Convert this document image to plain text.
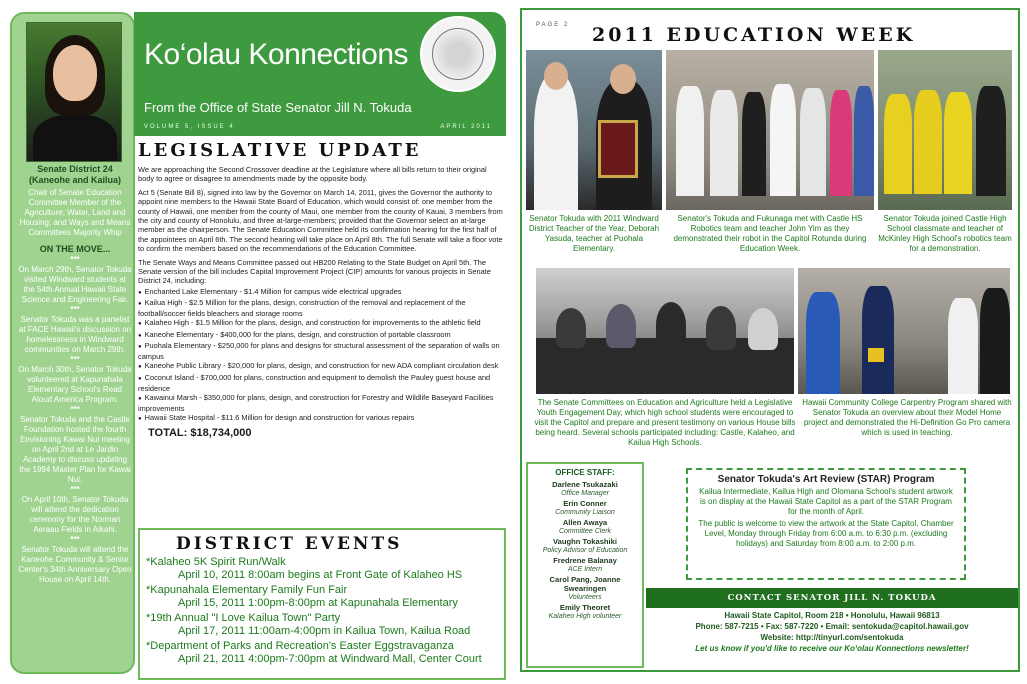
Senate District 24 (Kaneohe and Kailua)
Chair of Senate Education Committee Member of the Agriculture; Water, Land and Housing; and Ways and Means Committees Majority Whip
ON THE MOVE...
***
On March 29th, Senator Tokuda visited Windward students at the 54th Annual Hawaii State Science and Engineering Fair.
***
Senator Tokuda was a panelist at FACE Hawaii's discussion on homelessness in Windward communities on March 29th.
***
On March 30th, Senator Tokuda volunteered at Kapunahala Elementary School's Read Aloud America Program.
***
Senator Tokuda and the Castle Foundation hosted the fourth Envisioning Kawai Nui meeting on April 2nd at Le Jardin Academy to discuss updating the 1994 Master Plan for Kawai Nui.
***
On April 10th, Senator Tokuda will attend the dedication ceremony for the Norman Aeraau Fields in Aikahi.
***
Senator Tokuda will attend the Kaneohe Community & Senior Center's 34th Anniversary Open House on April 14th.
Ko‘olau Konnections
From the Office of State Senator Jill N. Tokuda
VOLUME 5, ISSUE 4	APRIL 2011
LEGISLATIVE UPDATE

We are approaching the Second Crossover deadline at the Legislature where all bills return to their original body to agree or disagree to amendments made by the opposite body.

Act 5 (Senate Bill 8), signed into law by the Governor on March 14, 2011, gives the Governor the authority to appoint nine members to the Hawaii State Board of Education, which would consist of: one member from the county of Hawaii, one member from the county of Maui, one member from the county of Kauai, 3 members from the city and county of Honolulu, and three at-large-members; provided that the Governor select an at-large member as the chairperson. The Senate Education Committee held its confirmation hearing for the first half of the appointees on April 6th. The second hearing will take place on April 8th. The full Senate will take a floor vote to confirm the members based on the recommendations of the Education Committee.

The Senate Ways and Means Committee passed out HB200 Relating to the State Budget on April 5th. The Senate version of the bill includes Capital Improvement Project (CIP) amounts for various projects in Senate District 24, including:

● Enchanted Lake Elementary - $1.4 Million for campus wide electrical upgrades
● Kailua High - $2.5 Million for the plans, design, construction of the removal and replacement of the football/soccer fields bleachers and storage rooms
● Kalaheo High - $1.5 Million for the plans, design, and construction for improvements to the athletic field
● Kaneohe Elementary - $400,000 for the plans, design, and construction of portable classroom
● Puohala Elementary - $250,000 for plans and designs for structural assessment of the separation of walls on campus
● Kaneohe Public Library - $20,000 for plans, design, and construction for new ADA compliant circulation desk
● Coconut Island - $700,000 for plans, construction and equipment to demolish the Pauley guest house and residence
● Kawainui Marsh - $350,000 for plans, design, and construction for Forestry and Wildlife Baseyard Facilities improvements
● Hawaii State Hospital - $11.6 Million for design and construction for various repairs
TOTAL: $18,734,000
DISTRICT EVENTS
*Kalaheo 5K Spirit Run/Walk
April 10, 2011 8:00am begins at Front Gate of Kalaheo HS
*Kapunahala Elementary Family Fun Fair
April 15, 2011 1:00pm-8:00pm at Kapunahala Elementary
*19th Annual "I Love Kailua Town" Party
April 17, 2011 11:00am-4:00pm in Kailua Town, Kailua Road
*Department of Parks and Recreation's Easter Eggstravaganza
April 21, 2011 4:00pm-7:00pm at Windward Mall, Center Court
PAGE 2 2011 EDUCATION WEEK
Senator Tokuda with 2011 Windward District Teacher of the Year, Deborah Yasuda, teacher at Puohala Elementary.
Senator's Tokuda and Fukunaga met with Castle HS Robotics team and teacher John Yim as they demonstrated their robot in the Capitol Rotunda during Education Week.
Senator Tokuda joined Castle High School classmate and teacher of McKinley High School's robotics team for a demonstration.
The Senate Committees on Education and Agriculture held a Legislative Youth Engagement Day, which high school students were encouraged to visit the Capitol and prepare and present testimony on various House bills being heard. Several schools participated including: Castle, Kalaheo, and Kailua High Schools.
Hawaii Community College Carpentry Program shared with Senator Tokuda an overview about their Model Home project and demonstrated the Hi-Definition Go Pro camera which is used in teaching.
OFFICE STAFF:
Darlene Tsukazaki
Office Manager
Erin Conner
Community Liaison
Allen Awaya
Committee Clerk
Vaughn Tokashiki
Policy Advisor of Education
Fredrene Balanay
ACE Intern
Carol Pang, Joanne Swearingen
Volunteers
Emily Theoret
Kalaheo High volunteer
Senator Tokuda's Art Review (STAR) Program
Kailua Intermediate, Kailua High and Olomana School's student artwork is on display at the Hawaii State Capitol as a part of the STAR Program for the month of April.
The public is welcome to view the artwork at the State Capitol, Chamber Level, Monday through Friday from 6:00 a.m. to 6:30 p.m. (excluding holidays) and Saturday from 8:00 a.m. to 2:00 p.m.
CONTACT SENATOR JILL N. TOKUDA
Hawaii State Capitol, Room 218 • Honolulu, Hawaii 96813
Phone: 587-7215 • Fax: 587-7220 • Email: sentokuda@capitol.hawaii.gov
Website: http://tinyurl.com/sentokuda
Let us know if you'd like to receive our Ko‘olau Konnections newsletter!
